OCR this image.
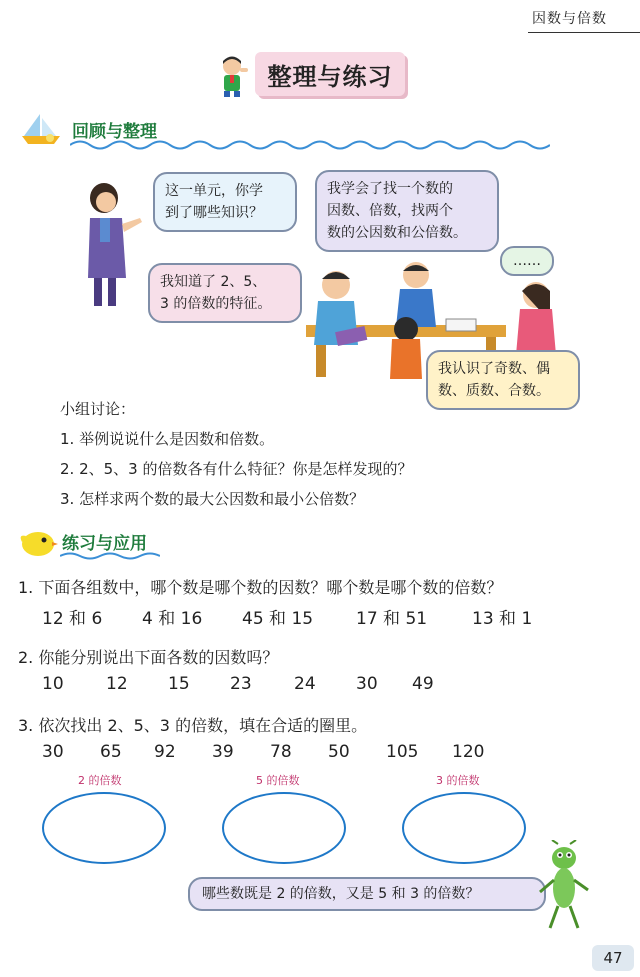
因数与倍数
整理与练习
回顾与整理
这一单元，你学
到了哪些知识？
我学会了找一个数的
因数、倍数，找两个
数的公因数和公倍数。
……
我知道了 2、5、
3 的倍数的特征。
我认识了奇数、偶
数、质数、合数。
小组讨论：
1. 举例说说什么是因数和倍数。
2. 2、5、3 的倍数各有什么特征？你是怎样发现的？
3. 怎样求两个数的最大公因数和最小公倍数？
练习与应用
1. 下面各组数中，哪个数是哪个数的因数？哪个数是哪个数的倍数？
12 和 6 4 和 16 45 和 15	17 和 51	13 和 1
2. 你能分别说出下面各数的因数吗？
10 12 15 23 24 30 49
3. 依次找出 2、5、3 的倍数，填在合适的圈里。
30 65 92 39 78 50 105 120
2 的倍数	5 的倍数	3 的倍数
哪些数既是 2 的倍数，又是 5 和 3 的倍数？
47
